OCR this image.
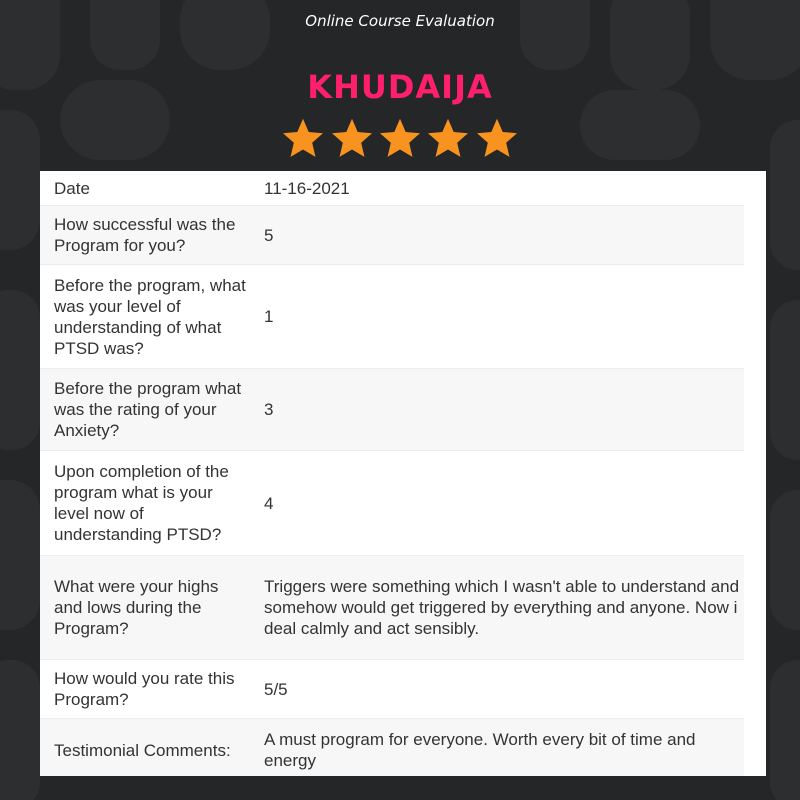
Online Course Evaluation
KHUDAIJA

Date	11-16-2021
How successful was the Program for you?
5
Before the program, what was your level of understanding of what PTSD was?
1
Before the program what was the rating of your Anxiety?
3
Upon completion of the program what is your level now of understanding PTSD?
4
What were your highs and lows during the Program?
Triggers were something which I wasn't able to understand and somehow would get triggered by everything and anyone. Now i deal calmly and act sensibly.
How would you rate this Program?
5/5
Testimonial Comments:
A must program for everyone. Worth every bit of time and energy
